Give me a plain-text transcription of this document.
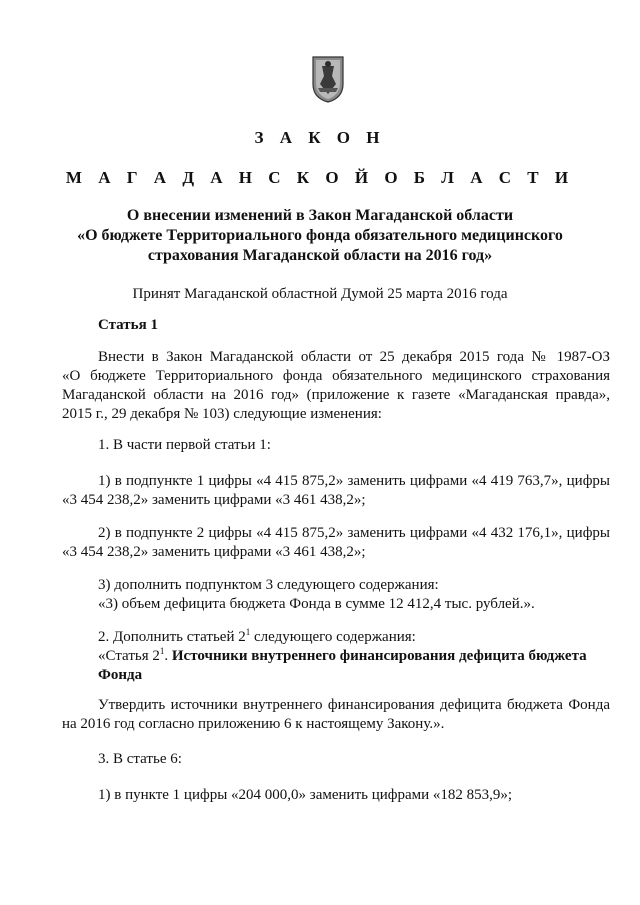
З А К О Н
М А Г А Д А Н С К О Й О Б Л А С Т И
О внесении изменений в Закон Магаданской области
«О бюджете Территориального фонда обязательного медицинского
страхования Магаданской области на 2016 год»
Принят Магаданской областной Думой 25 марта 2016 года
Статья 1
Внести в Закон Магаданской области от 25 декабря 2015 года № 1987-ОЗ
«О бюджете Территориального фонда обязательного медицинского страхования
Магаданской области на 2016 год» (приложение к газете «Магаданская правда»,
2015 г., 29 декабря № 103) следующие изменения:
1. В части первой статьи 1:
1) в подпункте 1 цифры «4 415 875,2» заменить цифрами «4 419 763,7», цифры
«3 454 238,2» заменить цифрами «3 461 438,2»;
2) в подпункте 2 цифры «4 415 875,2» заменить цифрами «4 432 176,1», цифры
«3 454 238,2» заменить цифрами «3 461 438,2»;
3) дополнить подпунктом 3 следующего содержания:
«3) объем дефицита бюджета Фонда в сумме 12 412,4 тыс. рублей.».
2. Дополнить статьей $2^1$ следующего содержания:
«Статья $2^1$. Источники внутреннего финансирования дефицита бюджета
Фонда
Утвердить источники внутреннего финансирования дефицита бюджета Фонда
на 2016 год согласно приложению 6 к настоящему Закону.».
3. В статье 6:
1) в пункте 1 цифры «204 000,0» заменить цифрами «182 853,9»;
